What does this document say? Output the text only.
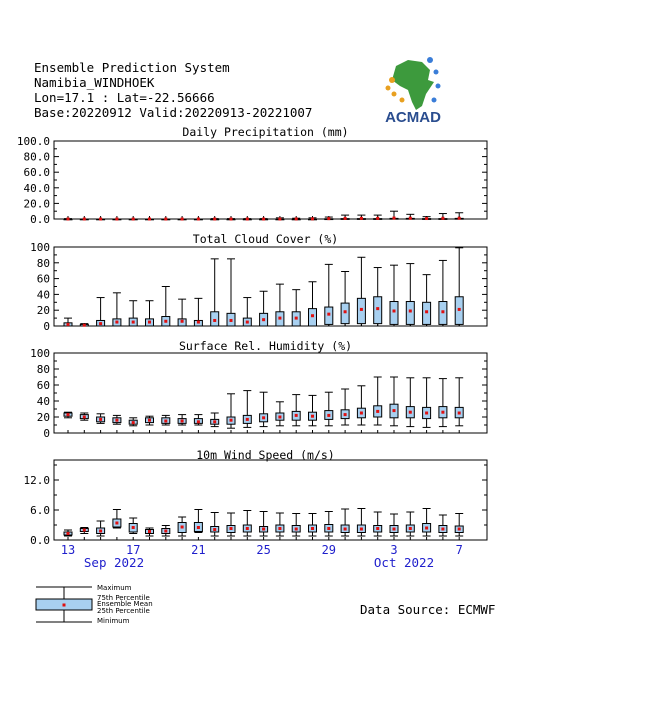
Ensemble Prediction System
Namibia_WINDHOEK
Lon=17.1 : Lat=-22.56666
Base:20220912 Valid:20220913-20221007	ACMAD
Daily Precipitation (mm)
0.0
20.0
40.0
60.0
80.0
100.0
Total Cloud Cover (%)
0
20
40
60
80
100
Surface Rel. Humidity (%)
0
20
40
60
80
100
10m Wind Speed (m/s)
0.0
6.0
12.0
13	17	21	25	29	3	7
Sep 2022	Oct 2022
Maximum
75th Percentile
Ensemble Mean
25th Percentile
Minimum
Data Source: ECMWF
